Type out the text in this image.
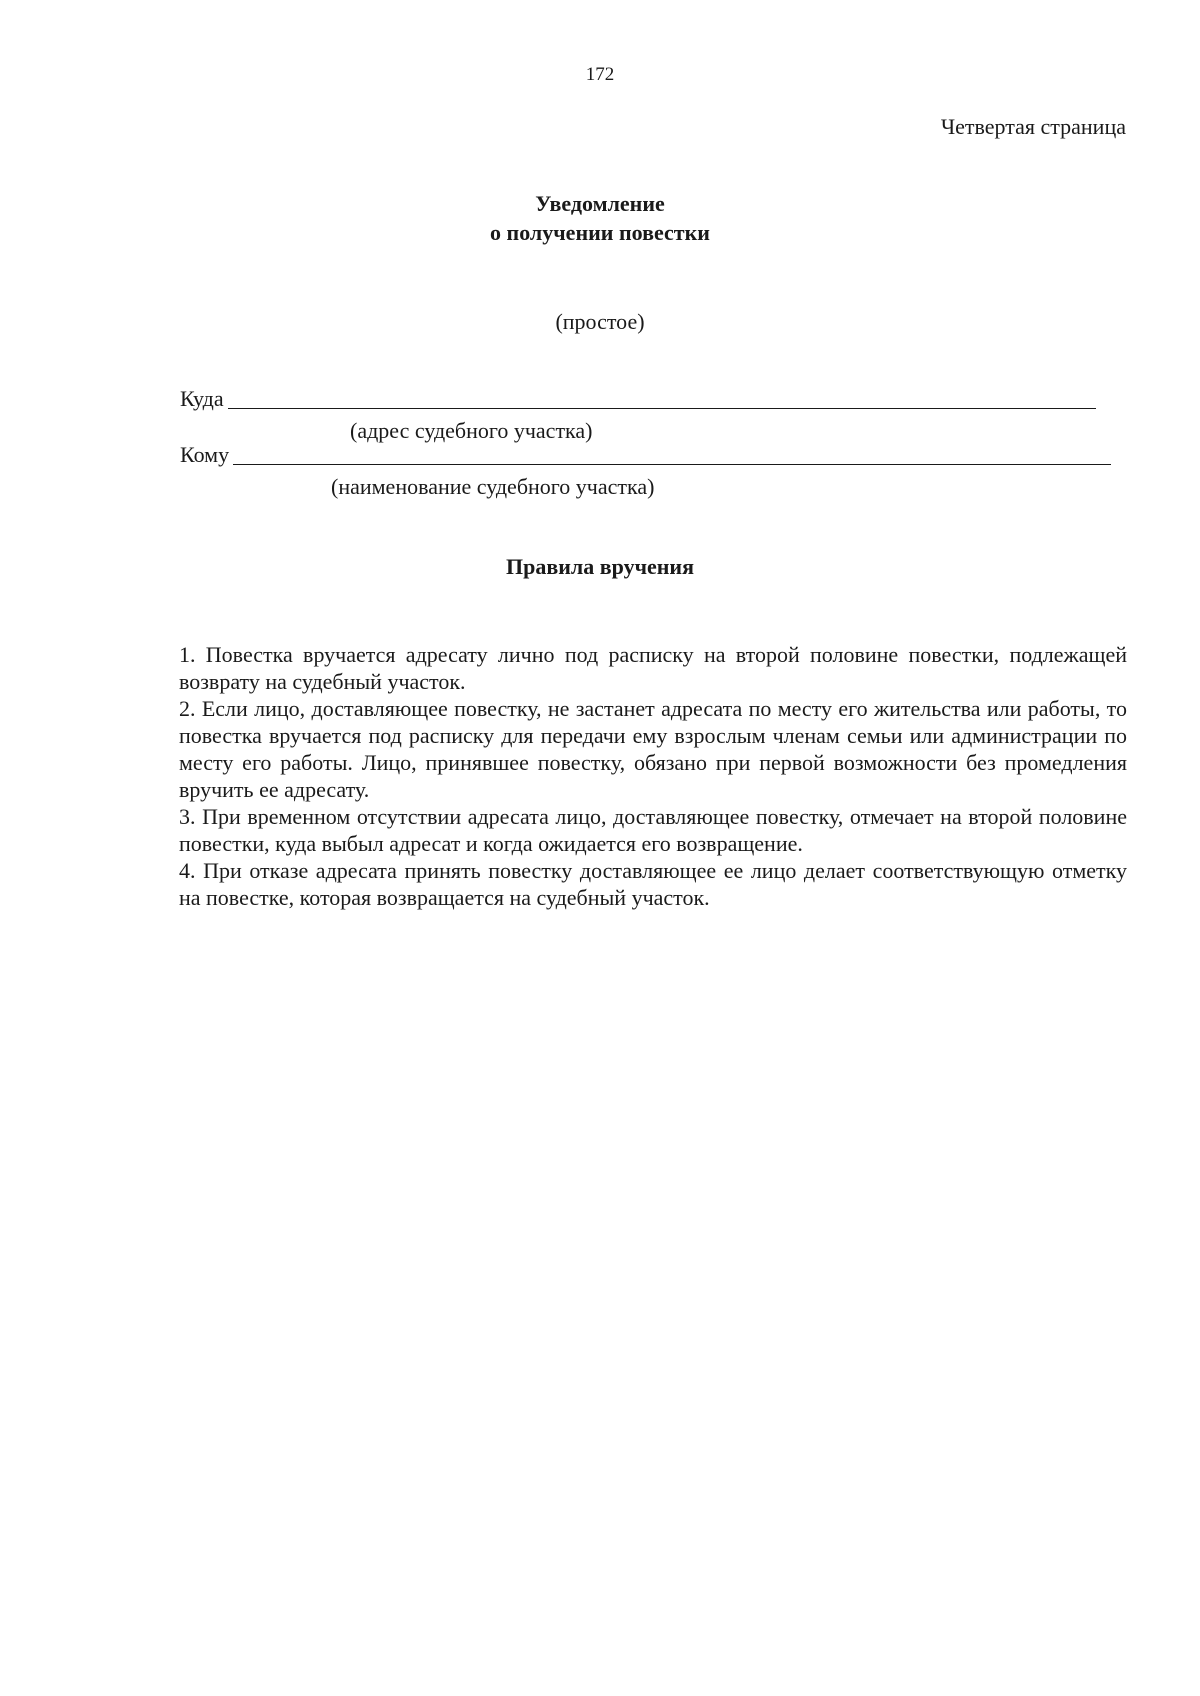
172
Четвертая страница
Уведомление
о получении повестки
(простое)
Куда
(адрес судебного участка)
Кому
(наименование судебного участка)
Правила вручения

1. Повестка вручается адресату лично под расписку на второй половине повестки, подлежащей возврату на судебный участок.

2. Если лицо, доставляющее повестку, не застанет адресата по месту его жительства или работы, то повестка вручается под расписку для передачи ему взрослым членам семьи или администрации по месту его работы. Лицо, принявшее повестку, обязано при первой возможности без промедления вручить ее адресату.

3. При временном отсутствии адресата лицо, доставляющее повестку, отмечает на второй половине повестки, куда выбыл адресат и когда ожидается его возвращение.

4. При отказе адресата принять повестку доставляющее ее лицо делает соответствующую отметку на повестке, которая возвращается на судебный участок.
